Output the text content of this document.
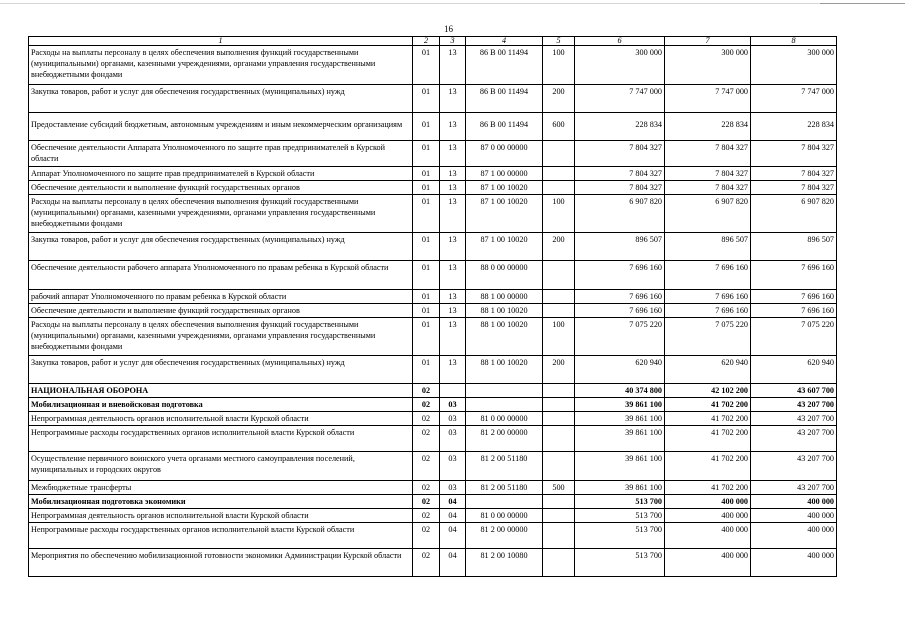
16
1	2	3	4	5	6	7	8
Расходы на выплаты персоналу в целях обеспечения выполнения функций государственными (муниципальными) органами, казенными учреждениями, органами управления государственными внебюджетными фондами	01	13	86 В 00 11494	100	300 000	300 000	300 000
Закупка товаров, работ и услуг для обеспечения государственных (муниципальных) нужд	01	13	86 В 00 11494	200	7 747 000	7 747 000	7 747 000
Предоставление субсидий бюджетным, автономным учреждениям и иным некоммерческим организациям	01	13	86 В 00 11494	600	228 834	228 834	228 834
Обеспечение деятельности Аппарата Уполномоченного по защите прав предпринимателей в Курской области	01	13	87 0 00 00000		7 804 327	7 804 327	7 804 327
Аппарат Уполномоченного по защите прав предпринимателей в Курской области	01	13	87 1 00 00000		7 804 327	7 804 327	7 804 327
Обеспечение деятельности и выполнение функций государственных органов	01	13	87 1 00 10020		7 804 327	7 804 327	7 804 327
Расходы на выплаты персоналу в целях обеспечения выполнения функций государственными (муниципальными) органами, казенными учреждениями, органами управления государственными внебюджетными фондами	01	13	87 1 00 10020	100	6 907 820	6 907 820	6 907 820
Закупка товаров, работ и услуг для обеспечения государственных (муниципальных) нужд	01	13	87 1 00 10020	200	896 507	896 507	896 507
Обеспечение деятельности рабочего аппарата Уполномоченного по правам ребенка в Курской области	01	13	88 0 00 00000		7 696 160	7 696 160	7 696 160
рабочий аппарат Уполномоченного по правам ребенка в Курской области	01	13	88 1 00 00000		7 696 160	7 696 160	7 696 160
Обеспечение деятельности и выполнение функций государственных органов	01	13	88 1 00 10020		7 696 160	7 696 160	7 696 160
Расходы на выплаты персоналу в целях обеспечения выполнения функций государственными (муниципальными) органами, казенными учреждениями, органами управления государственными внебюджетными фондами	01	13	88 1 00 10020	100	7 075 220	7 075 220	7 075 220
Закупка товаров, работ и услуг для обеспечения государственных (муниципальных) нужд	01	13	88 1 00 10020	200	620 940	620 940	620 940
НАЦИОНАЛЬНАЯ ОБОРОНА	02				40 374 800	42 102 200	43 607 700
Мобилизационная и вневойсковая подготовка	02	03			39 861 100	41 702 200	43 207 700
Непрограммная деятельность органов исполнительной власти Курской области	02	03	81 0 00 00000		39 861 100	41 702 200	43 207 700
Непрограммные расходы государственных органов исполнительной власти Курской области	02	03	81 2 00 00000		39 861 100	41 702 200	43 207 700
Осуществление первичного воинского учета органами местного самоуправления поселений, муниципальных и городских округов	02	03	81 2 00 51180		39 861 100	41 702 200	43 207 700
Межбюджетные трансферты	02	03	81 2 00 51180	500	39 861 100	41 702 200	43 207 700
Мобилизационная подготовка экономики	02	04			513 700	400 000	400 000
Непрограммная деятельность органов исполнительной власти Курской области	02	04	81 0 00 00000		513 700	400 000	400 000
Непрограммные расходы государственных органов исполнительной власти Курской области	02	04	81 2 00 00000		513 700	400 000	400 000
Мероприятия по обеспечению мобилизационной готовности экономики Администрации Курской области	02	04	81 2 00 10080		513 700	400 000	400 000
